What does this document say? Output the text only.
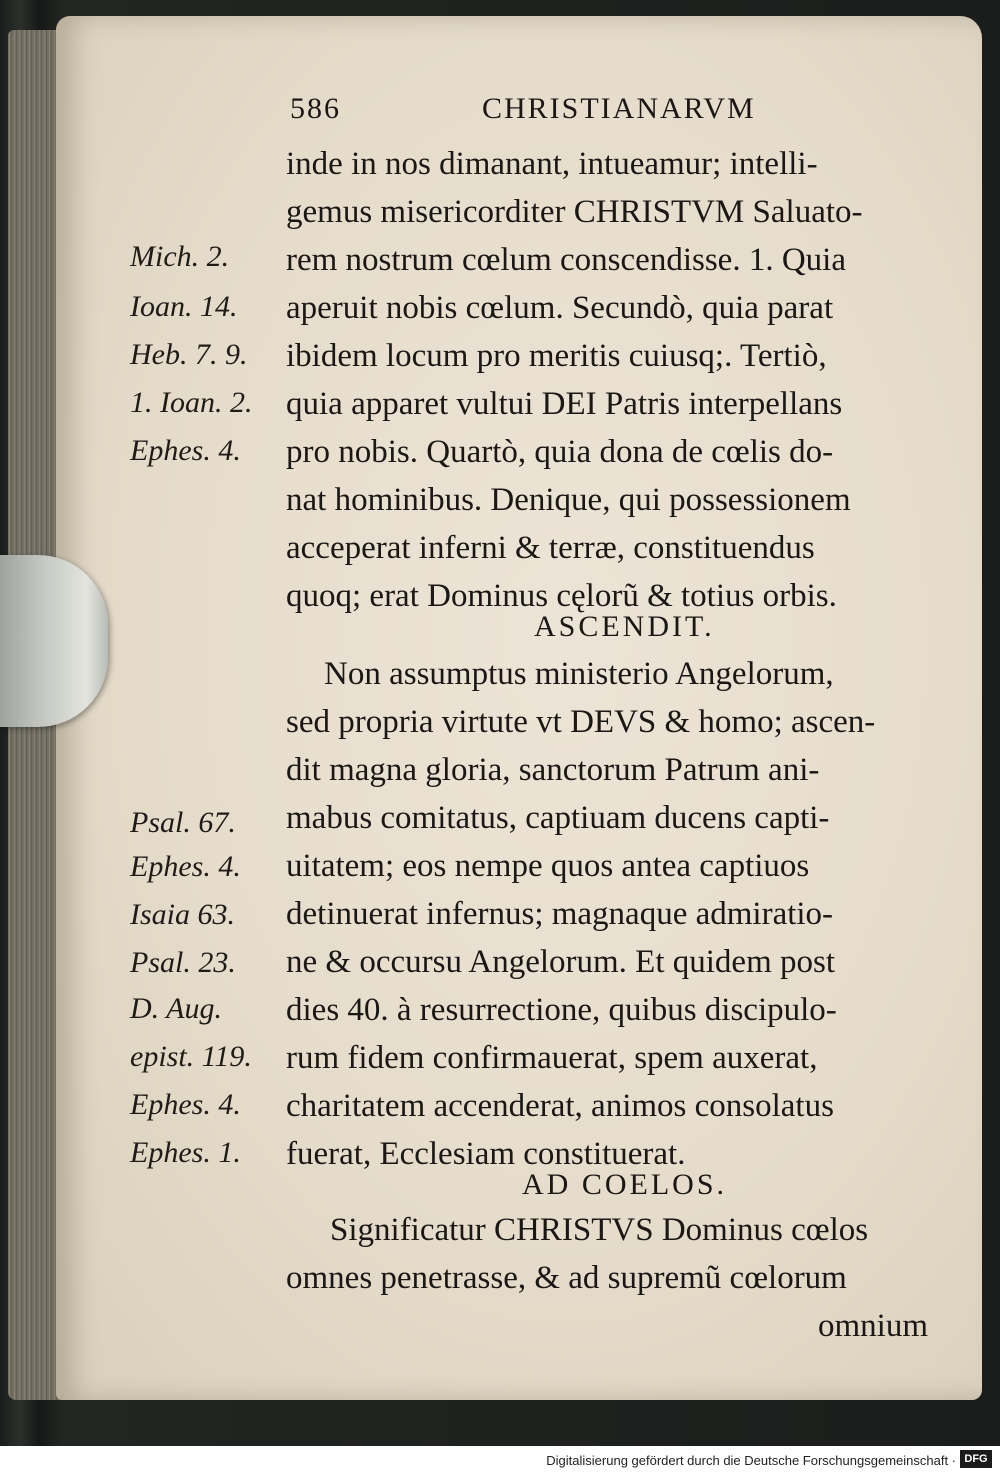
586	CHRISTIANARVM
inde in nos dimanant, intueamur; intelli-
gemus misericorditer CHRISTVM Saluato-
rem nostrum cœlum conscendisse. 1. Quia
aperuit nobis cœlum. Secundò, quia parat
ibidem locum pro meritis cuiusq;. Tertiò,
quia apparet vultui DEI Patris interpellans
pro nobis. Quartò, quia dona de cœlis do-
nat hominibus. Denique, qui possessionem
acceperat inferni & terræ, constituendus
quoq; erat Dominus cęlorũ & totius orbis.
ASCENDIT.
Non assumptus ministerio Angelorum,
sed propria virtute vt DEVS & homo; ascen-
dit magna gloria, sanctorum Patrum ani-
mabus comitatus, captiuam ducens capti-
uitatem; eos nempe quos antea captiuos
detinuerat infernus; magnaque admiratio-
ne & occursu Angelorum. Et quidem post
dies 40. à resurrectione, quibus discipulo-
rum fidem confirmauerat, spem auxerat,
charitatem accenderat, animos consolatus
fuerat, Ecclesiam constituerat.
AD COELOS.
Significatur CHRISTVS Dominus cœlos
omnes penetrasse, & ad supremũ cœlorum
omnium
Mich. 2.
Ioan. 14.
Heb. 7. 9.
1. Ioan. 2.
Ephes. 4.
Psal. 67.
Ephes. 4.
Isaia 63.
Psal. 23.
D. Aug.
epist. 119.
Ephes. 4.
Ephes. 1.
Digitalisierung gefördert durch die Deutsche Forschungsgemeinschaft · DFG
